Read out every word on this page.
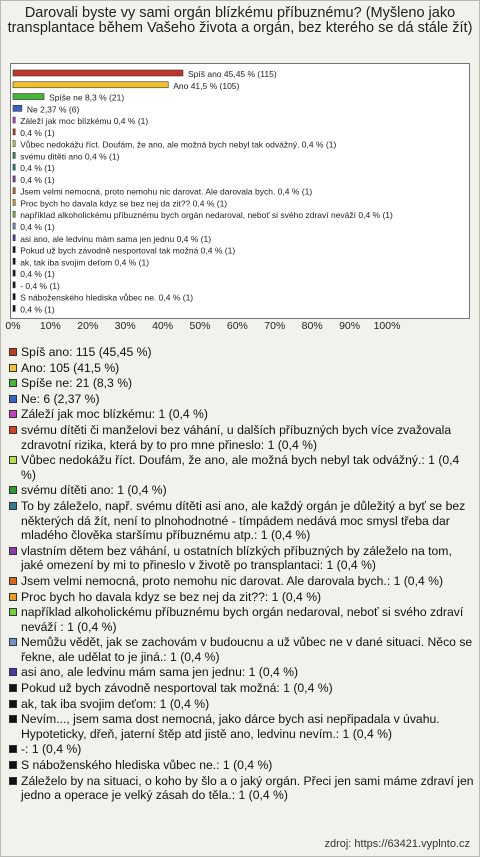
Darovali byste vy sami orgán blízkému příbuznému? (Myšleno jako transplantace během Vašeho života a orgán, bez kterého se dá stále žít)
Spíš ano 45,45 % (115)
Ano 41,5 % (105)
Spíše ne 8,3 % (21)
Ne 2,37 % (6)
Záleží jak moc blízkému 0,4 % (1)
0,4 % (1)
Vůbec nedokážu říct. Doufám, že ano, ale možná bych nebyl tak odvážný. 0,4 % (1)
svému dítěti ano 0,4 % (1)
0,4 % (1)
0,4 % (1)
Jsem velmi nemocná, proto nemohu nic darovat. Ale darovala bych. 0,4 % (1)
Proc bych ho davala kdyz se bez nej da zit?? 0,4 % (1)
například alkoholickému příbuznému bych orgán nedaroval, neboť si svého zdraví neváží 0,4 % (1)
0,4 % (1)
asi ano, ale ledvinu mám sama jen jednu 0,4 % (1)
Pokud už bych závodně nesportoval tak možná 0,4 % (1)
ak, tak iba svojim deťom 0,4 % (1)
0,4 % (1)
- 0,4 % (1)
S náboženského hlediska vůbec ne. 0,4 % (1)
0,4 % (1)
0% 10% 20% 30% 40% 50% 60% 70% 80% 90% 100%
Spíš ano: 115 (45,45 %)
Ano: 105 (41,5 %)
Spíše ne: 21 (8,3 %)
Ne: 6 (2,37 %)
Záleží jak moc blízkému: 1 (0,4 %)
svému dítěti či manželovi bez váhání, u dalších příbuzných bych více zvažovala zdravotní rizika, která by to pro mne přineslo: 1 (0,4 %)
Vůbec nedokážu říct. Doufám, že ano, ale možná bych nebyl tak odvážný.: 1 (0,4 %)
svému dítěti ano: 1 (0,4 %)
To by záleželo, např. svému dítěti asi ano, ale každý orgán je důležitý a byť se bez některých dá žít, není to plnohodnotné - tímpádem nedává moc smysl třeba dar mladého člověka staršímu příbuznému atp.: 1 (0,4 %)
vlastním dětem bez váhání, u ostatních blízkých příbuzných by záleželo na tom, jaké omezení by mi to přineslo v životě po transplantaci: 1 (0,4 %)
Jsem velmi nemocná, proto nemohu nic darovat. Ale darovala bych.: 1 (0,4 %)
Proc bych ho davala kdyz se bez nej da zit??: 1 (0,4 %)
například alkoholickému příbuznému bych orgán nedaroval, neboť si svého zdraví neváží : 1 (0,4 %)
Nemůžu vědět, jak se zachovám v budoucnu a už vůbec ne v dané situaci. Něco se řekne, ale udělat to je jiná.: 1 (0,4 %)
asi ano, ale ledvinu mám sama jen jednu: 1 (0,4 %)
Pokud už bych závodně nesportoval tak možná: 1 (0,4 %)
ak, tak iba svojim deťom: 1 (0,4 %)
Nevím..., jsem sama dost nemocná, jako dárce bych asi nepřipadala v úvahu. Hypoteticky, dřeň, jaterní štěp atd jistě ano, ledvinu nevím.: 1 (0,4 %)
-: 1 (0,4 %)
S náboženského hlediska vůbec ne.: 1 (0,4 %)
Záleželo by na situaci, o koho by šlo a o jaký orgán. Přeci jen sami máme zdraví jen jedno a operace je velký zásah do těla.: 1 (0,4 %)
zdroj: https://63421.vyplnto.cz
